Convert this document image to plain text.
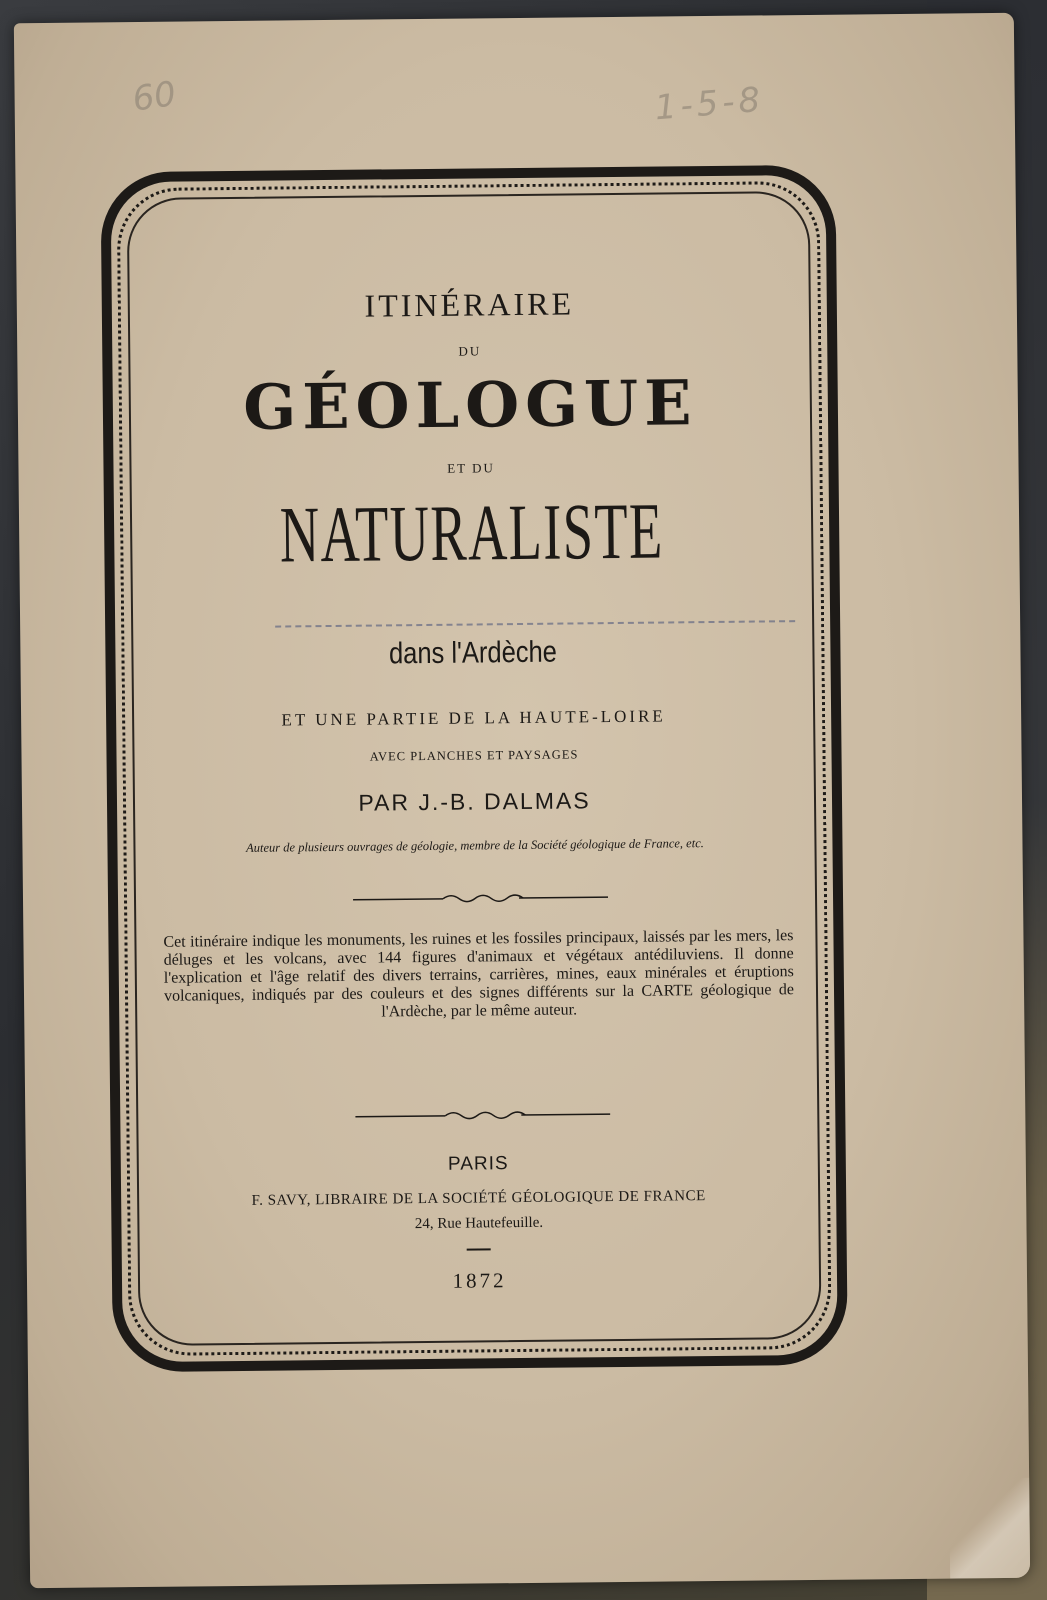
60	1-5-8
ITINÉRAIRE
DU
GÉOLOGUE
ET DU
NATURALISTE
dans l'Ardèche
ET UNE PARTIE DE LA HAUTE-LOIRE
AVEC PLANCHES ET PAYSAGES
PAR J.-B. DALMAS
Auteur de plusieurs ouvrages de géologie, membre de la Société géologique de France, etc.
Cet itinéraire indique les monuments, les ruines et les fossiles principaux, laissés par les mers, les déluges et les volcans, avec 144 figures d'animaux et végétaux antédiluviens. Il donne l'explication et l'âge relatif des divers terrains, carrières, mines, eaux minérales et éruptions volcaniques, indiqués par des couleurs et des signes différents sur la CARTE géologique de l'Ardèche, par le même auteur.
PARIS
F. SAVY, LIBRAIRE DE LA SOCIÉTÉ GÉOLOGIQUE DE FRANCE
24, Rue Hautefeuille.
1872
